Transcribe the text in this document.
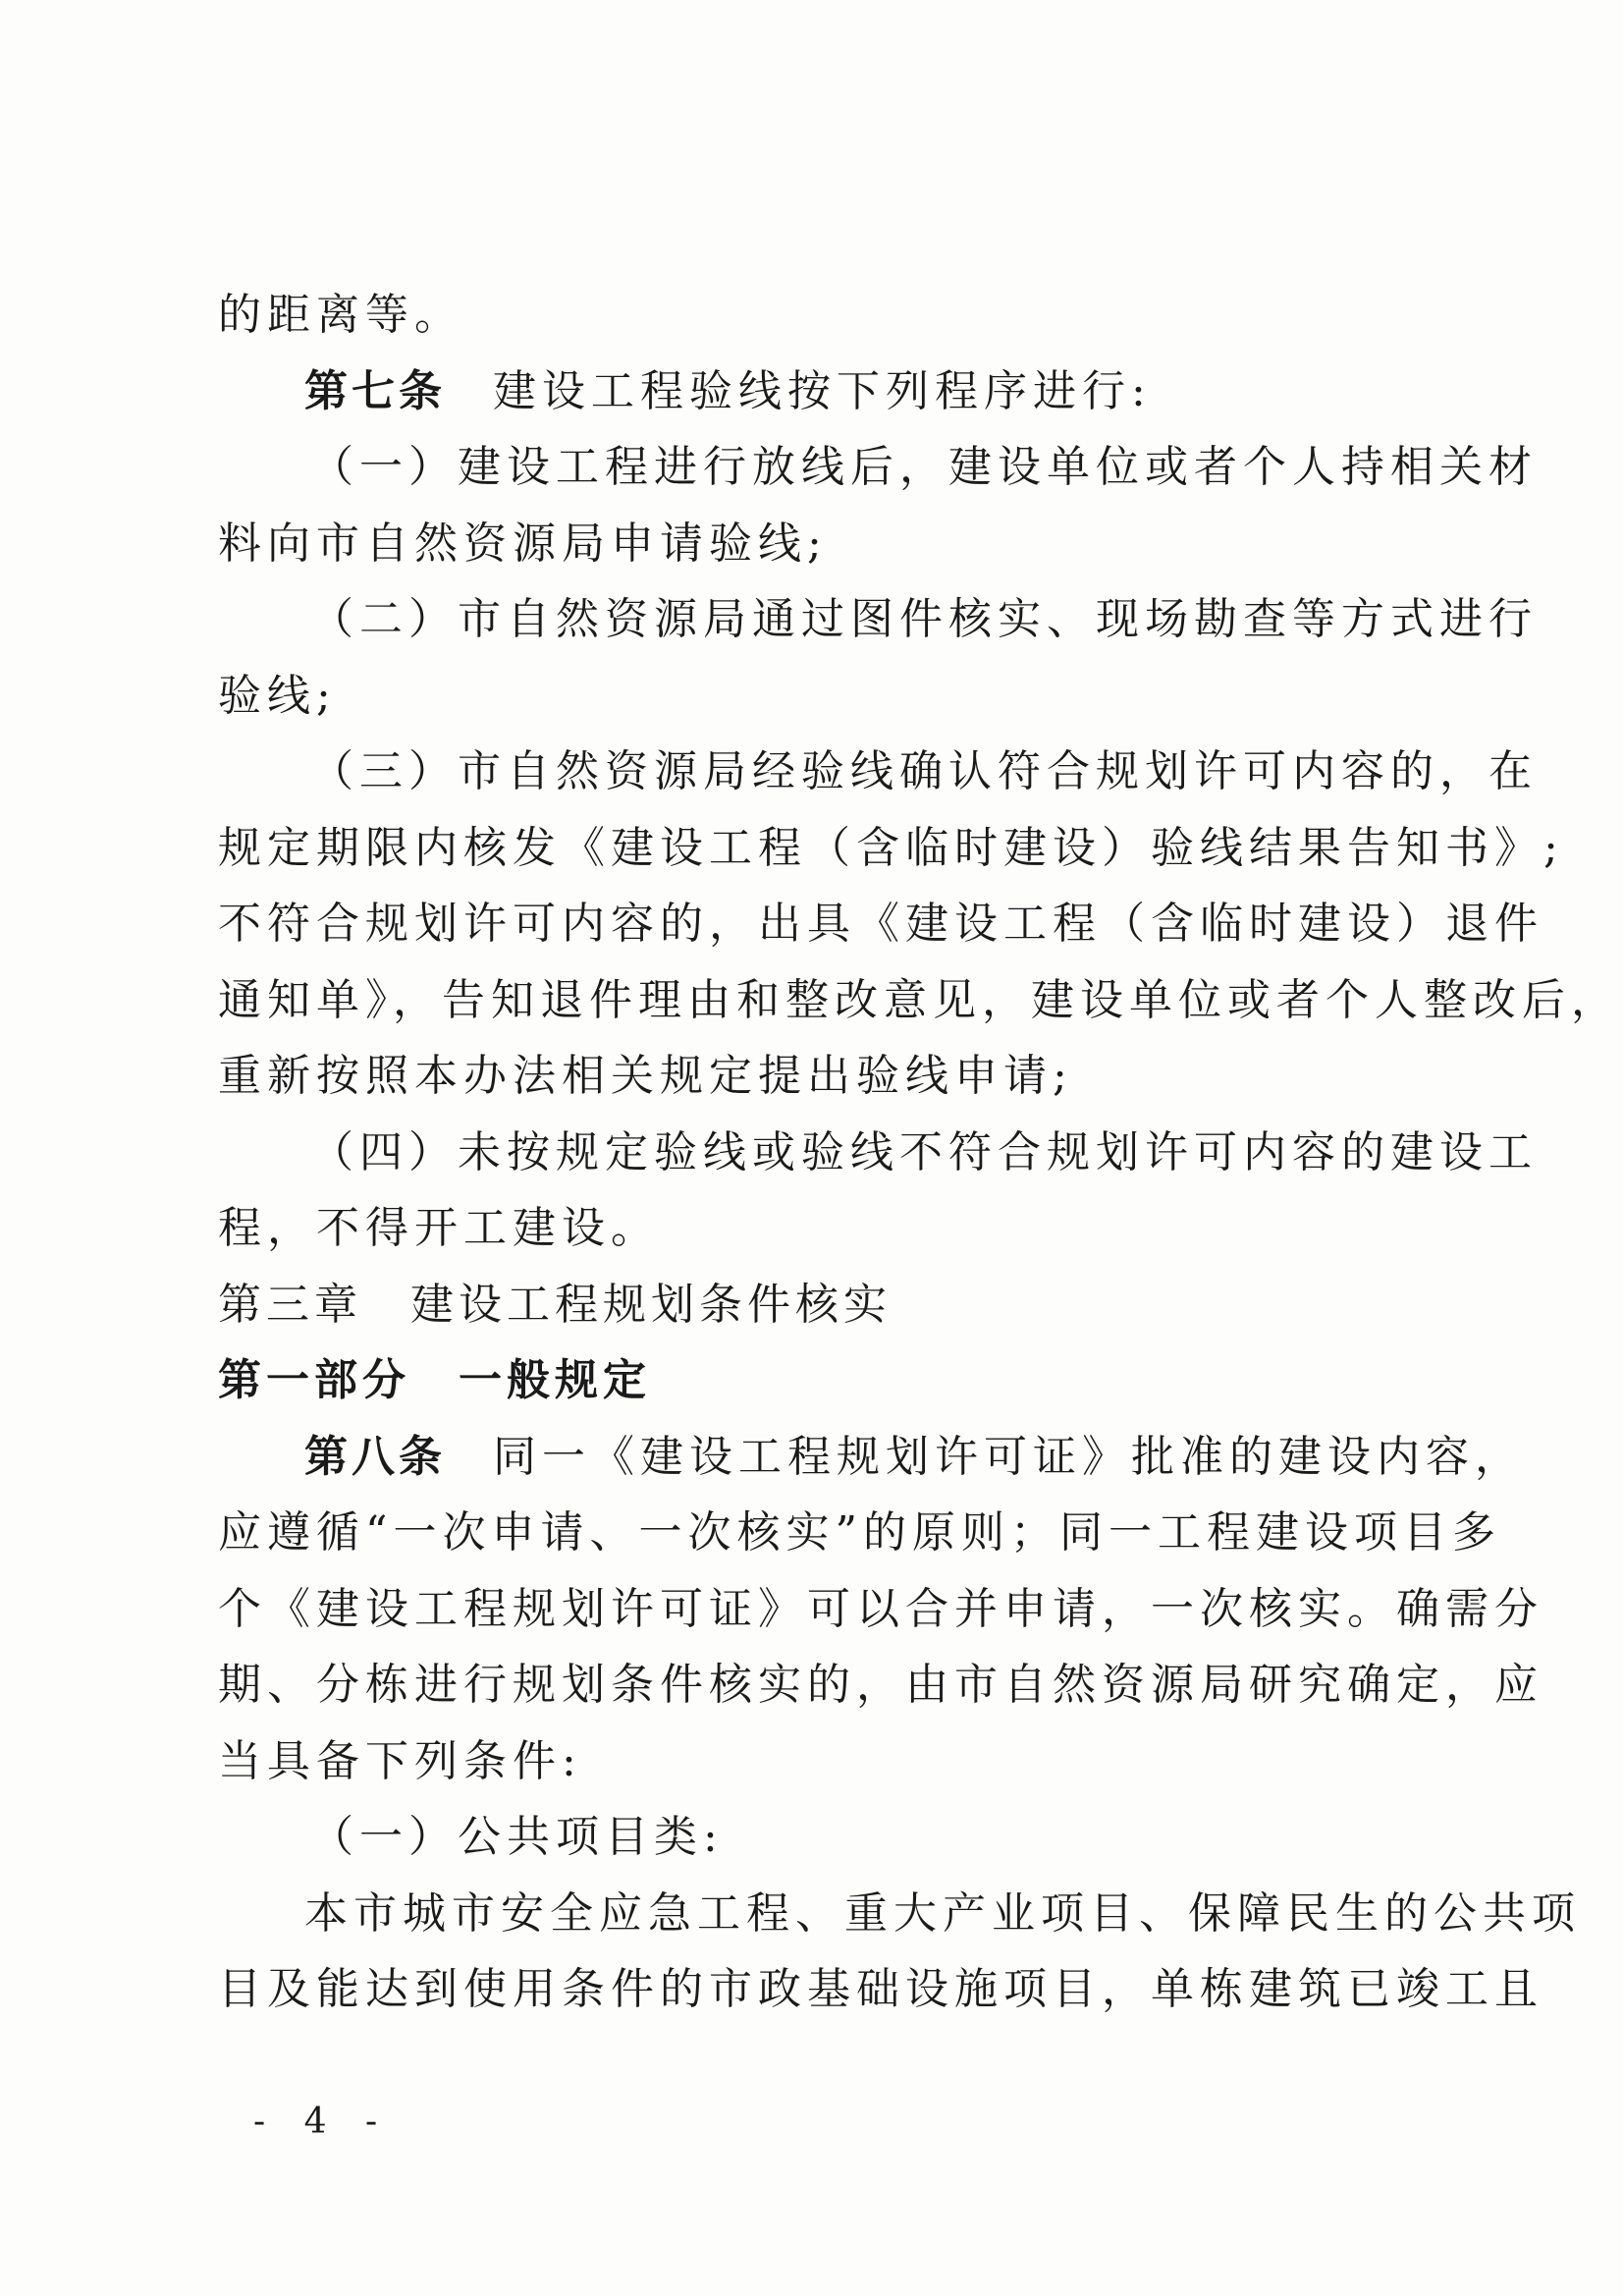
的距离等。
第七条 建设工程验线按下列程序进行:
（一）建设工程进行放线后，建设单位或者个人持相关材
料向市自然资源局申请验线;
（二）市自然资源局通过图件核实、现场勘查等方式进行
验线;
（三）市自然资源局经验线确认符合规划许可内容的，在
规定期限内核发《建设工程（含临时建设）验线结果告知书》;
不符合规划许可内容的，出具《建设工程（含临时建设）退件
通知单》，告知退件理由和整改意见，建设单位或者个人整改后，
重新按照本办法相关规定提出验线申请;
（四）未按规定验线或验线不符合规划许可内容的建设工
程，不得开工建设。
第三章　建设工程规划条件核实
第一部分　一般规定
第八条 同一《建设工程规划许可证》批准的建设内容，
应遵循“一次申请、一次核实”的原则；同一工程建设项目多
个《建设工程规划许可证》可以合并申请，一次核实。确需分
期、分栋进行规划条件核实的，由市自然资源局研究确定，应
当具备下列条件:
（一）公共项目类:
本市城市安全应急工程、重大产业项目、保障民生的公共项
目及能达到使用条件的市政基础设施项目，单栋建筑已竣工且
- 4 -
